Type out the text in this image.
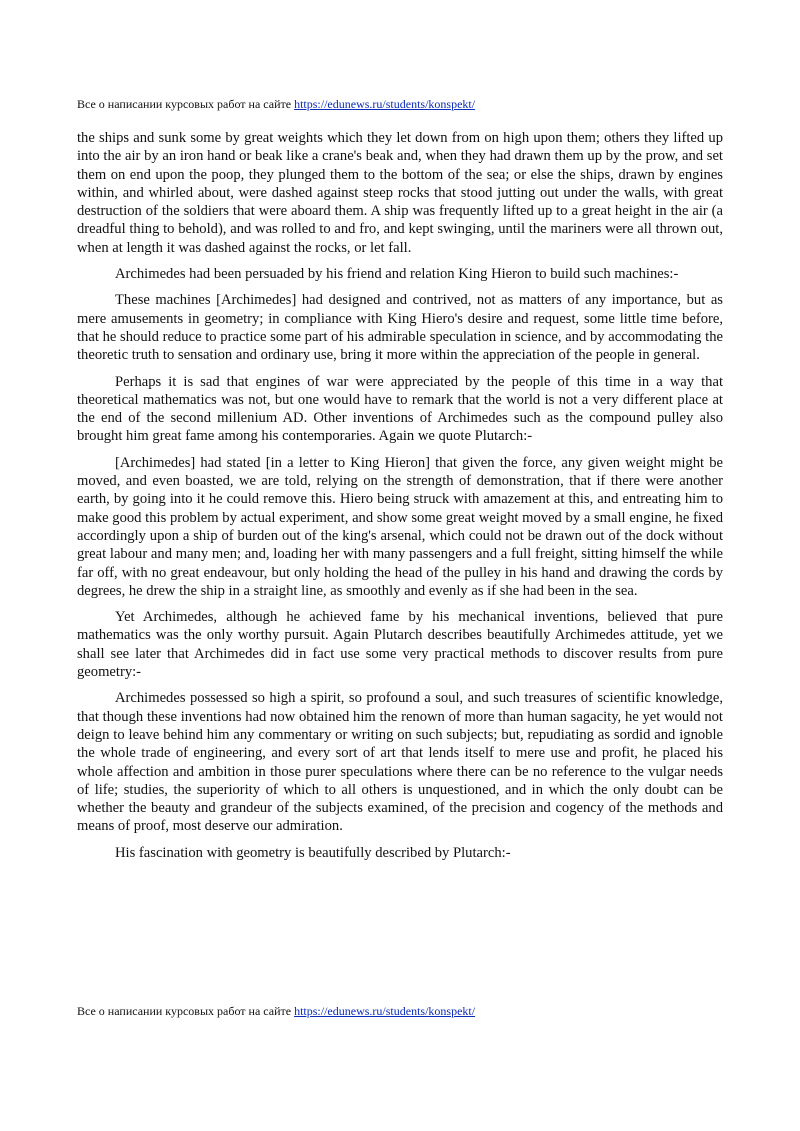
Все о написании курсовых работ на сайте https://edunews.ru/students/konspekt/

the ships and sunk some by great weights which they let down from on high upon them; others they lifted up into the air by an iron hand or beak like a crane's beak and, when they had drawn them up by the prow, and set them on end upon the poop, they plunged them to the bottom of the sea; or else the ships, drawn by engines within, and whirled about, were dashed against steep rocks that stood jutting out under the walls, with great destruction of the soldiers that were aboard them. A ship was frequently lifted up to a great height in the air (a dreadful thing to behold), and was rolled to and fro, and kept swinging, until the mariners were all thrown out, when at length it was dashed against the rocks, or let fall.

Archimedes had been persuaded by his friend and relation King Hieron to build such machines:-

These machines [Archimedes] had designed and contrived, not as matters of any importance, but as mere amusements in geometry; in compliance with King Hiero's desire and request, some little time before, that he should reduce to practice some part of his admirable speculation in science, and by accommodating the theoretic truth to sensation and ordinary use, bring it more within the appreciation of the people in general.

Perhaps it is sad that engines of war were appreciated by the people of this time in a way that theoretical mathematics was not, but one would have to remark that the world is not a very different place at the end of the second millenium AD. Other inventions of Archimedes such as the compound pulley also brought him great fame among his contemporaries. Again we quote Plutarch:-

[Archimedes] had stated [in a letter to King Hieron] that given the force, any given weight might be moved, and even boasted, we are told, relying on the strength of demonstration, that if there were another earth, by going into it he could remove this. Hiero being struck with amazement at this, and entreating him to make good this problem by actual experiment, and show some great weight moved by a small engine, he fixed accordingly upon a ship of burden out of the king's arsenal, which could not be drawn out of the dock without great labour and many men; and, loading her with many passengers and a full freight, sitting himself the while far off, with no great endeavour, but only holding the head of the pulley in his hand and drawing the cords by degrees, he drew the ship in a straight line, as smoothly and evenly as if she had been in the sea.

Yet Archimedes, although he achieved fame by his mechanical inventions, believed that pure mathematics was the only worthy pursuit. Again Plutarch describes beautifully Archimedes attitude, yet we shall see later that Archimedes did in fact use some very practical methods to discover results from pure geometry:-

Archimedes possessed so high a spirit, so profound a soul, and such treasures of scientific knowledge, that though these inventions had now obtained him the renown of more than human sagacity, he yet would not deign to leave behind him any commentary or writing on such subjects; but, repudiating as sordid and ignoble the whole trade of engineering, and every sort of art that lends itself to mere use and profit, he placed his whole affection and ambition in those purer speculations where there can be no reference to the vulgar needs of life; studies, the superiority of which to all others is unquestioned, and in which the only doubt can be whether the beauty and grandeur of the subjects examined, of the precision and cogency of the methods and means of proof, most deserve our admiration.

His fascination with geometry is beautifully described by Plutarch:-

Все о написании курсовых работ на сайте https://edunews.ru/students/konspekt/
